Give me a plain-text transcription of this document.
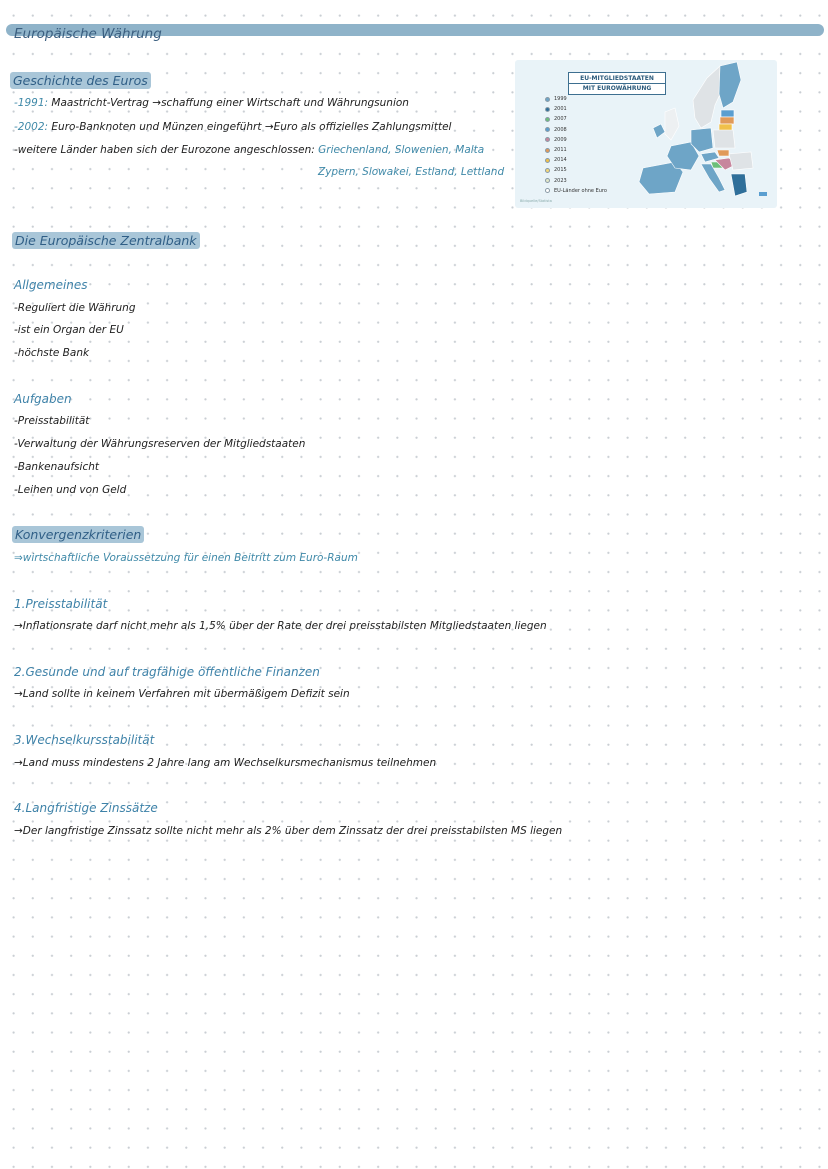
Europäische Währung
Geschichte des Euros
-1991: Maastricht-Vertrag →schaffung einer Wirtschaft und Währungsunion
-2002: Euro-Banknoten und Münzen eingeführt →Euro als offizielles Zahlungsmittel
-weitere Länder haben sich der Eurozone angeschlossen: Griechenland, Slowenien, Malta
Zypern, Slowakei, Estland, Lettland
EU-MITGLIEDSTAATEN
MIT EUROWÄHRUNG
1999
2001
2007
2008
2009
2011
2014
2015
2023
EU-Länder ohne Euro
Bildquelle/Statista
Die Europäische Zentralbank
Allgemeines
-Reguliert die Währung
-ist ein Organ der EU
-höchste Bank
Aufgaben
-Preisstabilität
-Verwaltung der Währungsreserven der Mitgliedstaaten
-Bankenaufsicht
-Leihen und von Geld
Konvergenzkriterien
⇒wirtschaftliche Voraussetzung für einen Beitritt zum Euro-Raum
1.Preisstabilität
→Inflationsrate darf nicht mehr als 1,5% über der Rate der drei preisstabilsten Mitgliedstaaten liegen
2.Gesunde und auf tragfähige öffentliche Finanzen
→Land sollte in keinem Verfahren mit übermäßigem Defizit sein
3.Wechselkursstabilität
→Land muss mindestens 2 Jahre lang am Wechselkursmechanismus teilnehmen
4.Langfristige Zinssätze
→Der langfristige Zinssatz sollte nicht mehr als 2% über dem Zinssatz der drei preisstabilsten MS liegen
